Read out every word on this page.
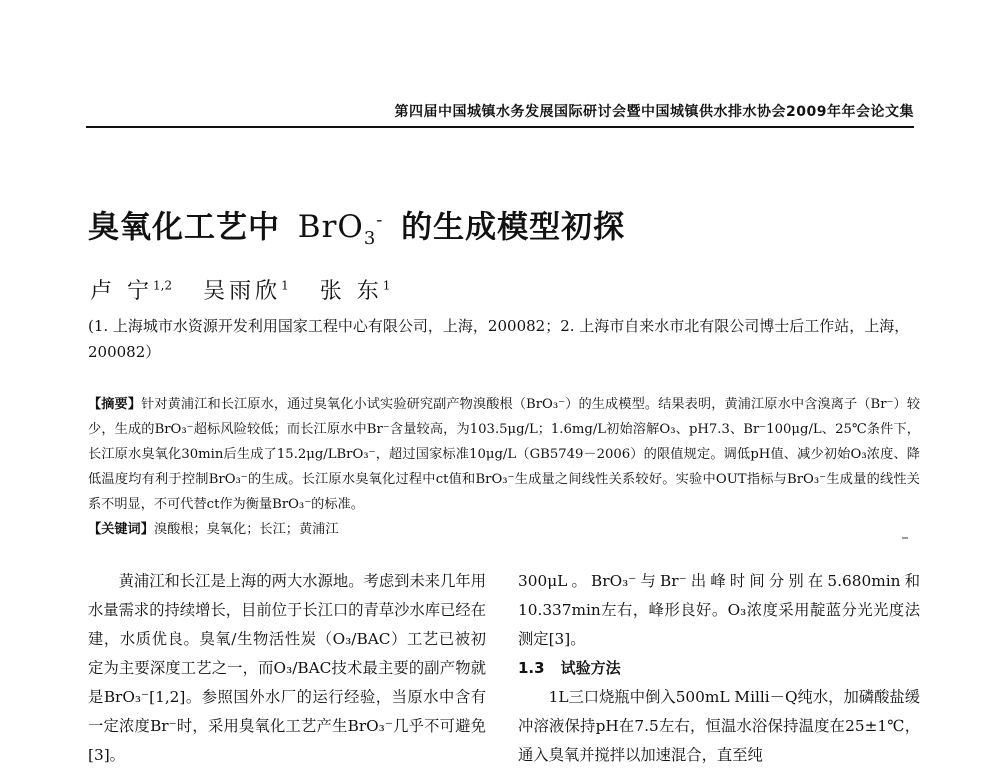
第四届中国城镇水务发展国际研讨会暨中国城镇供水排水协会2009年年会论文集
臭氧化工艺中 BrO$_3$- 的生成模型初探
卢 宁$^{1,2}$ 吴雨欣$^1$ 张 东$^1$
(1. 上海城市水资源开发利用国家工程中心有限公司，上海，200082；2. 上海市自来水市北有限公司博士后工作站，上海，200082）
【摘要】针对黄浦江和长江原水，通过臭氧化小试实验研究副产物溴酸根（BrO₃⁻）的生成模型。结果表明，黄浦江原水中含溴离子（Br⁻）较少，生成的BrO₃⁻超标风险较低；而长江原水中Br⁻含量较高，为103.5μg/L；1.6mg/L初始溶解O₃、pH7.3、Br⁻100μg/L、25℃条件下，长江原水臭氧化30min后生成了15.2μg/LBrO₃⁻，超过国家标准10μg/L（GB5749－2006）的限值规定。调低pH值、减少初始O₃浓度、降低温度均有利于控制BrO₃⁻的生成。长江原水臭氧化过程中ct值和BrO₃⁻生成量之间线性关系较好。实验中OUT指标与BrO₃⁻生成量的线性关系不明显，不可代替ct作为衡量BrO₃⁻的标准。
【关键词】溴酸根；臭氧化；长江；黄浦江

黄浦江和长江是上海的两大水源地。考虑到未来几年用水量需求的持续增长，目前位于长江口的青草沙水库已经在建，水质优良。臭氧/生物活性炭（O₃/BAC）工艺已被初定为主要深度工艺之一，而O₃/BAC技术最主要的副产物就是BrO₃⁻[1,2]。参照国外水厂的运行经验，当原水中含有一定浓度Br⁻时，采用臭氧化工艺产生BrO₃⁻几乎不可避免[3]。

300μL。BrO₃⁻与Br⁻出峰时间分别在5.680min和10.337min左右，峰形良好。O₃浓度采用靛蓝分光光度法测定[3]。

1.3 试验方法

1L三口烧瓶中倒入500mL Milli－Q纯水，加磷酸盐缓冲溶液保持pH在7.5左右，恒温水浴保持温度在25±1℃，通入臭氧并搅拌以加速混合，直至纯
